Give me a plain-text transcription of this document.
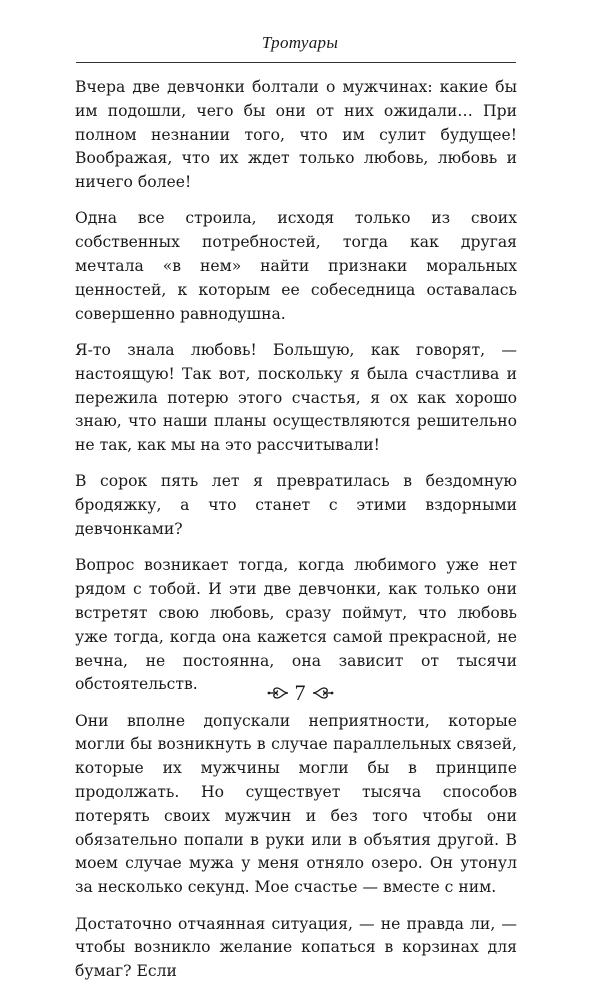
Тротуары

Вчера две девчонки болтали о мужчинах: какие бы им подошли, чего бы они от них ожидали… При полном незнании того, что им сулит будущее! Воображая, что их ждет только любовь, любовь и ничего более!

Одна все строила, исходя только из своих собственных потребностей, тогда как другая мечтала «в нем» найти признаки моральных ценностей, к которым ее собеседница оставалась совершенно равнодушна.

Я-то знала любовь! Большую, как говорят, — настоящую! Так вот, поскольку я была счастлива и пережила потерю этого счастья, я ох как хорошо знаю, что наши планы осуществляются решительно не так, как мы на это рассчитывали!

В сорок пять лет я превратилась в бездомную бродяжку, а что станет с этими вздорными девчонками?

Вопрос возникает тогда, когда любимого уже нет рядом с тобой. И эти две девчонки, как только они встретят свою любовь, сразу поймут, что любовь уже тогда, когда она кажется самой прекрасной, не вечна, не постоянна, она зависит от тысячи обстоятельств.

Они вполне допускали неприятности, которые могли бы возникнуть в случае параллельных связей, которые их мужчины могли бы в принципе продолжать. Но существует тысяча способов потерять своих мужчин и без того чтобы они обязательно попали в руки или в объятия другой. В моем случае мужа у меня отняло озеро. Он утонул за несколько секунд. Мое счастье — вместе с ним.

Достаточно отчаянная ситуация, — не правда ли, — чтобы возникло желание копаться в корзинах для бумаг? Если

7
